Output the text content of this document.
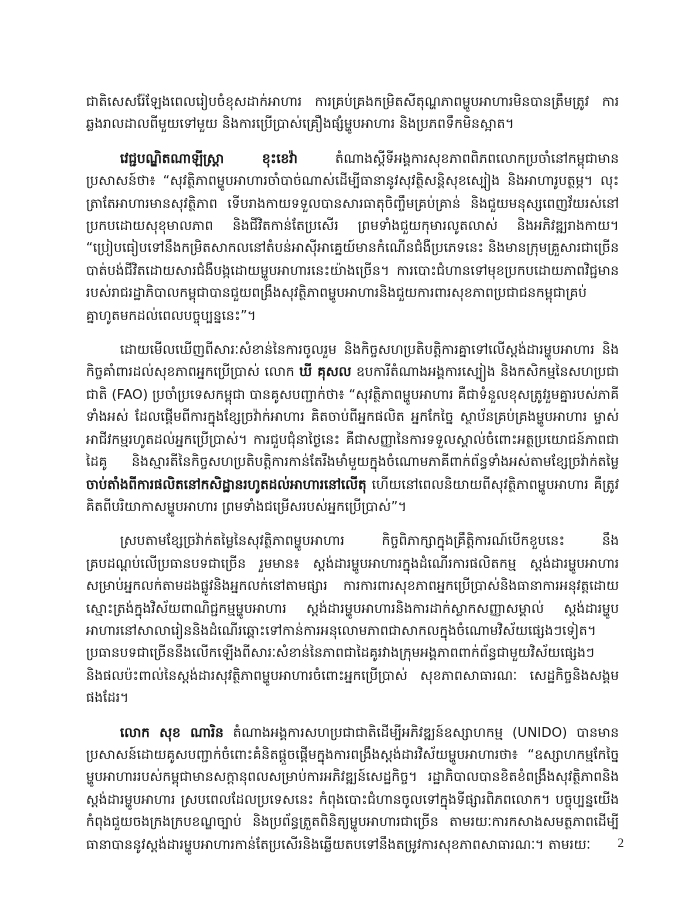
ជាតិសេសរ៉ែឡែងពេលរៀបចំខុសដាក់អាហារ ការគ្រប់គ្រងកម្រិតសីតុណ្ហភាពម្ហូបអាហារមិនបានត្រឹមត្រូវ ការឆ្លងរាលដាលពីមួយទៅមួយ និងការប្រើប្រាស់គ្រឿងផ្សំម្ហូបអាហារ និងប្រភពទឹកមិនស្អាត។

វេជ្ជបណ្ឌិតណាឡីស្រ្តា ខុះខេវ៉ា តំណាងស្តីទីអង្គការសុខភាពពិភពលោកប្រចាំនៅកម្ពុជាមានប្រសាសន៍ថា៖ “សុវត្ថិភាពម្ហូបអាហារចាំបាច់ណាស់ដើម្បីធានានូវសុវត្ថិសន្តិសុខស្បៀង និងអាហារូបត្ថម្ភ។ លុះត្រាតែអាហារមានសុវត្ថិភាព ទើបរាងកាយទទួលបានសារធាតុចិញ្ចឹមគ្រប់គ្រាន់ និងជួយមនុស្សពេញវ័យរស់នៅប្រកបដោយសុខុមាលភាព និងជីវិតកាន់តែប្រសើរ ព្រមទាំងជួយកុមារលូតលាស់ និងអភិវឌ្ឍរាងកាយ។ “ប្រៀបធៀបទៅនឹងកម្រិតសាកលនៅតំបន់អាស៊ីអាគ្នេយ៍មានកំណើនជំងឺប្រភេទនេះ និងមានក្រុមគ្រួសារជាច្រើនបាត់បង់ជីវិតដោយសារជំងឺបង្កដោយម្ហូបអាហារនេះយ៉ាងច្រើន។ ការបោះជំហានទៅមុខប្រកបដោយភាពវិជ្ជមានរបស់រាជរដ្ឋាភិបាលកម្ពុជាបានជួយពង្រឹងសុវត្ថិភាពម្ហូបអាហារនិងជួយការពារសុខភាពប្រជាជនកម្ពុជាគ្រប់គ្នាហូតមកដល់ពេលបច្ចុប្បន្ននេះ”។

ដោយមើលឃើញពីសារៈសំខាន់នៃការចូលរួម និងកិច្ចសហប្រតិបត្តិការគ្នាទៅលើស្តង់ដារម្ហូបអាហារ និងកិច្ចគាំពារដល់សុខភាពអ្នកប្រើប្រាស់ លោក ឃី គុសល ឧបការីតំណាងអង្គការស្បៀង និងកសិកម្មនៃសហប្រជាជាតិ (FAO) ប្រចាំប្រទេសកម្ពុជា បានគូសបញ្ជាក់ថា៖ “សុវត្ថិភាពម្ហូបអាហារ គឺជាទំនួលខុសត្រូវរួមគ្នារបស់ភាគីទាំងអស់ ដែលផ្តើមពីការក្នុងខ្សែច្រវ៉ាក់អាហារ គិតចាប់ពីអ្នកផលិត អ្នកកែច្នៃ ស្ថាប័នគ្រប់គ្រងម្ហូបអាហារ ម្ចាស់អាជីវកម្មរហូតដល់អ្នកប្រើប្រាស់។ ការជួបជុំនាថ្ងៃនេះ គឺជាសញ្ញានៃការទទួលស្គាល់ចំពោះអត្ថប្រយោជន៍ភាពជាដៃគូ និងស្មារតីនៃកិច្ចសហប្រតិបត្តិការកាន់តែរឹងមាំមួយក្នុងចំណោមភាគីពាក់ព័ន្ធទាំងអស់តាមខ្សែច្រវ៉ាក់តម្លៃ ចាប់តាំងពីការផលិតនៅកសិដ្ឋានរហូតដល់អាហារនៅលើតុ ហើយនៅពេលនិយាយពីសុវត្ថិភាពម្ហូបអាហារ គឺត្រូវគិតពីបរិយាកាសម្ហូបអាហារ ព្រមទាំងជម្រើសរបស់អ្នកប្រើប្រាស់”។

ស្របតាមខ្សែច្រវ៉ាក់តម្លៃនៃសុវត្ថិភាពម្ហូបអាហារ កិច្ចពិភាក្សាក្នុងគ្រឹត្តិការណ៍បើកខួបនេះ នឹងគ្របដណ្តប់លើប្រធានបទជាច្រើន រួមមាន៖ ស្តង់ដារម្ហូបអាហារក្នុងដំណើរការផលិតកម្ម ស្តង់ដារម្ហូបអាហារសម្រាប់អ្នកលក់តាមដងផ្លូវនិងអ្នកលក់នៅតាមផ្សារ ការការពារសុខភាពអ្នកប្រើប្រាស់និងធានាការអនុវត្តដោយស្មោះត្រង់ក្នុងវិស័យពាណិជ្ជកម្មម្ហូបអាហារ ស្តង់ដារម្ហូបអាហារនិងការដាក់ស្លាកសញ្ញាសម្គាល់ ស្តង់ដារម្ហូបអាហារនៅសាលារៀននិងដំណើរឆ្ពោះទៅកាន់ការអនុលោមភាពជាសាកលក្នុងចំណោមវិស័យផ្សេងៗទៀត។ ប្រធានបទជាច្រើននឹងលើកឡើងពីសារៈសំខាន់នៃភាពជាដៃគូរវាងក្រុមអង្គភាពពាក់ព័ន្ធជាមួយវិស័យផ្សេងៗ និងផលប៉ះពាល់នៃស្តង់ដារសុវត្ថិភាពម្ហូបអាហារចំពោះអ្នកប្រើប្រាស់ សុខភាពសាធារណៈ សេដ្ឋកិច្ចនិងសង្គមផងដែរ។

លោក សុខ ណារិន តំណាងអង្គការសហប្រជាជាតិដើម្បីអភិវឌ្ឍន៍ឧស្សាហកម្ម (UNIDO) បានមានប្រសាសន៍ដោយគូសបញ្ជាក់ចំពោះគំនិតផ្តួចផ្តើមក្នុងការពង្រឹងស្តង់ដារវិស័យម្ហូបអាហារថា៖ “ឧស្សាហកម្មកែច្នៃម្ហូបអាហាររបស់កម្ពុជាមានសក្តានុពលសម្រាប់ការអភិវឌ្ឍន៍សេដ្ឋកិច្ច។ រដ្ឋាភិបាលបានខិតខំពង្រឹងសុវត្ថិភាពនិងស្តង់ដារម្ហូបអាហារ ស្របពេលដែលប្រទេសនេះ កំពុងបោះជំហានចូលទៅក្នុងទីផ្សារពិភពលោក។ បច្ចុប្បន្នយើងកំពុងជួយចងក្រងក្របខណ្ឌច្បាប់ និងប្រព័ន្ធត្រួតពិនិត្យម្ហូបអាហារជាច្រើន តាមរយៈការកសាងសមត្ថភាពដើម្បីធានាបាននូវស្តង់ដារម្ហូបអាហារកាន់តែប្រសើរនិងឆ្លើយតបទៅនឹងតម្រូវការសុខភាពសាធារណៈ។ តាមរយៈ	2
